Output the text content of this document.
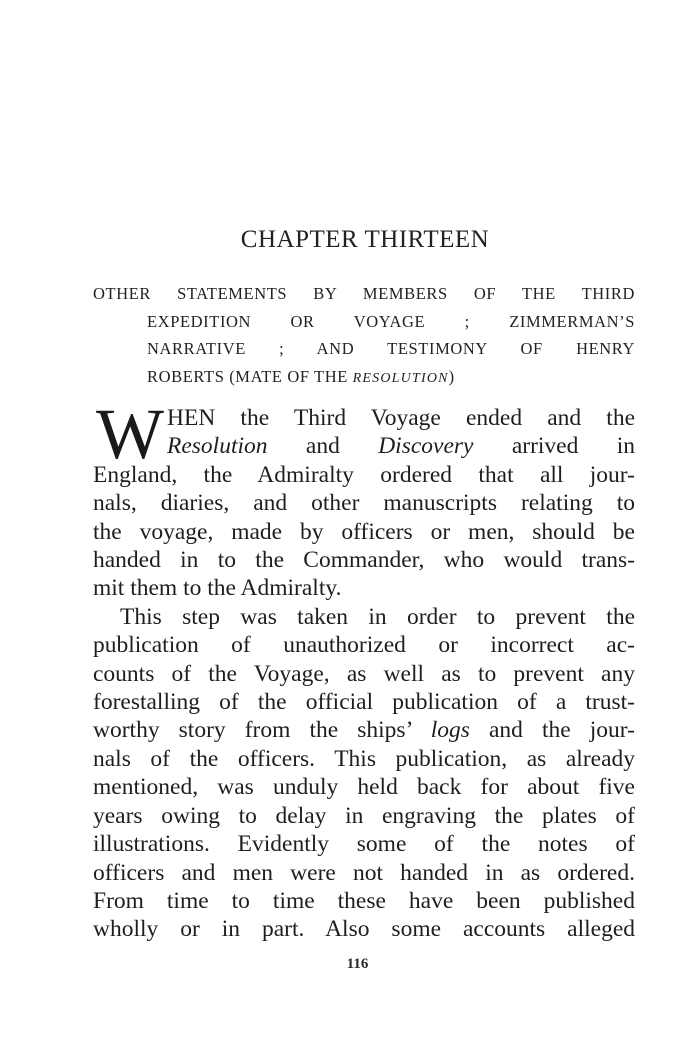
CHAPTER THIRTEEN
OTHER STATEMENTS BY MEMBERS OF THE THIRD
EXPEDITION OR VOYAGE ; ZIMMERMAN’S
NARRATIVE ; AND TESTIMONY OF HENRY
ROBERTS (MATE OF THE RESOLUTION)
W HEN the Third Voyage ended and the
Resolution and Discovery arrived in
England, the Admiralty ordered that all jour-
nals, diaries, and other manuscripts relating to
the voyage, made by officers or men, should be
handed in to the Commander, who would trans-
mit them to the Admiralty.
This step was taken in order to prevent the
publication of unauthorized or incorrect ac-
counts of the Voyage, as well as to prevent any
forestalling of the official publication of a trust-
worthy story from the ships’ logs and the jour-
nals of the officers. This publication, as already
mentioned, was unduly held back for about five
years owing to delay in engraving the plates of
illustrations. Evidently some of the notes of
officers and men were not handed in as ordered.
From time to time these have been published
wholly or in part. Also some accounts alleged
116
